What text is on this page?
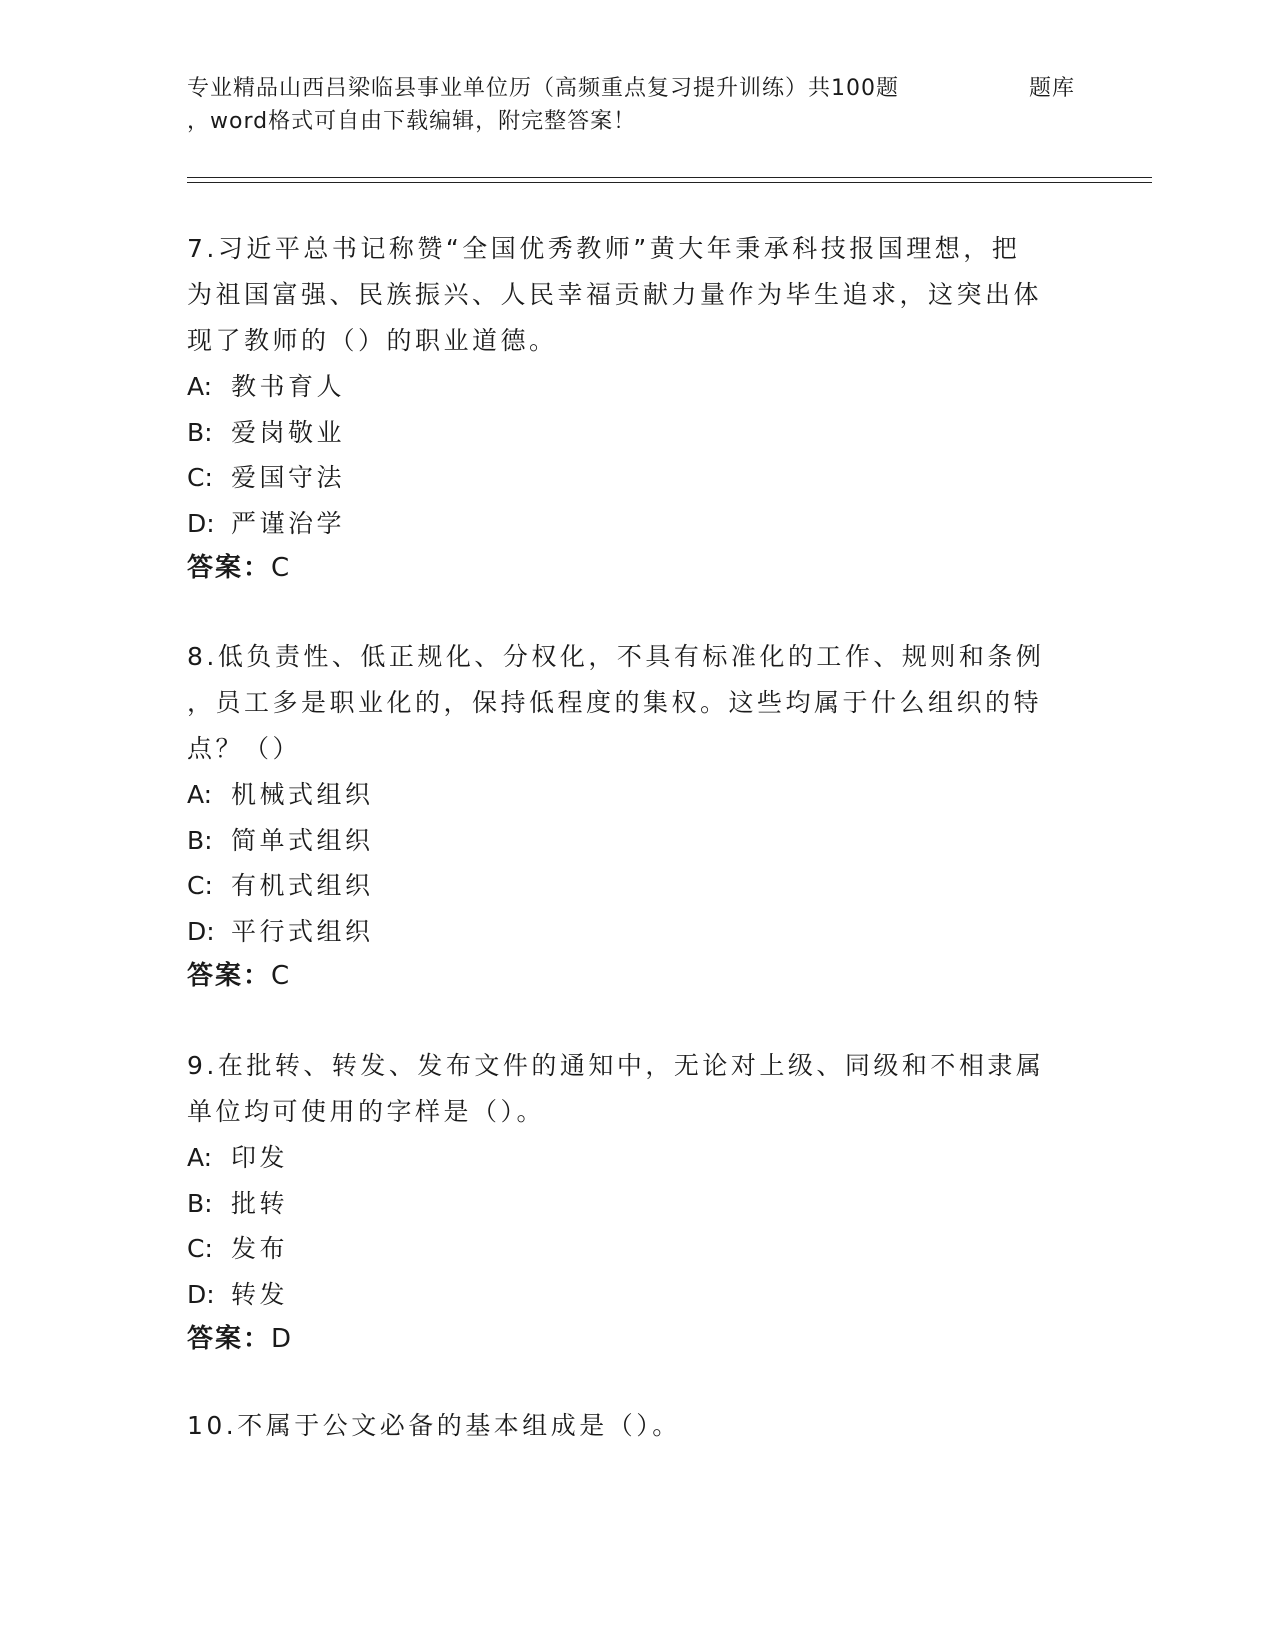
专业精品山西吕梁临县事业单位历（高频重点复习提升训练）共100题	题库
，word格式可自由下载编辑，附完整答案！

7.习近平总书记称赞“全国优秀教师”黄大年秉承科技报国理想，把
为祖国富强、民族振兴、人民幸福贡献力量作为毕生追求，这突出体
现了教师的（）的职业道德。

A: 教书育人
B: 爱岗敬业
C: 爱国守法
D: 严谨治学
答案：C

8.低负责性、低正规化、分权化，不具有标准化的工作、规则和条例
，员工多是职业化的，保持低程度的集权。这些均属于什么组织的特
点？（）

A: 机械式组织
B: 简单式组织
C: 有机式组织
D: 平行式组织
答案：C

9.在批转、转发、发布文件的通知中，无论对上级、同级和不相隶属
单位均可使用的字样是（）。

A: 印发
B: 批转
C: 发布
D: 转发
答案：D

10.不属于公文必备的基本组成是（）。
